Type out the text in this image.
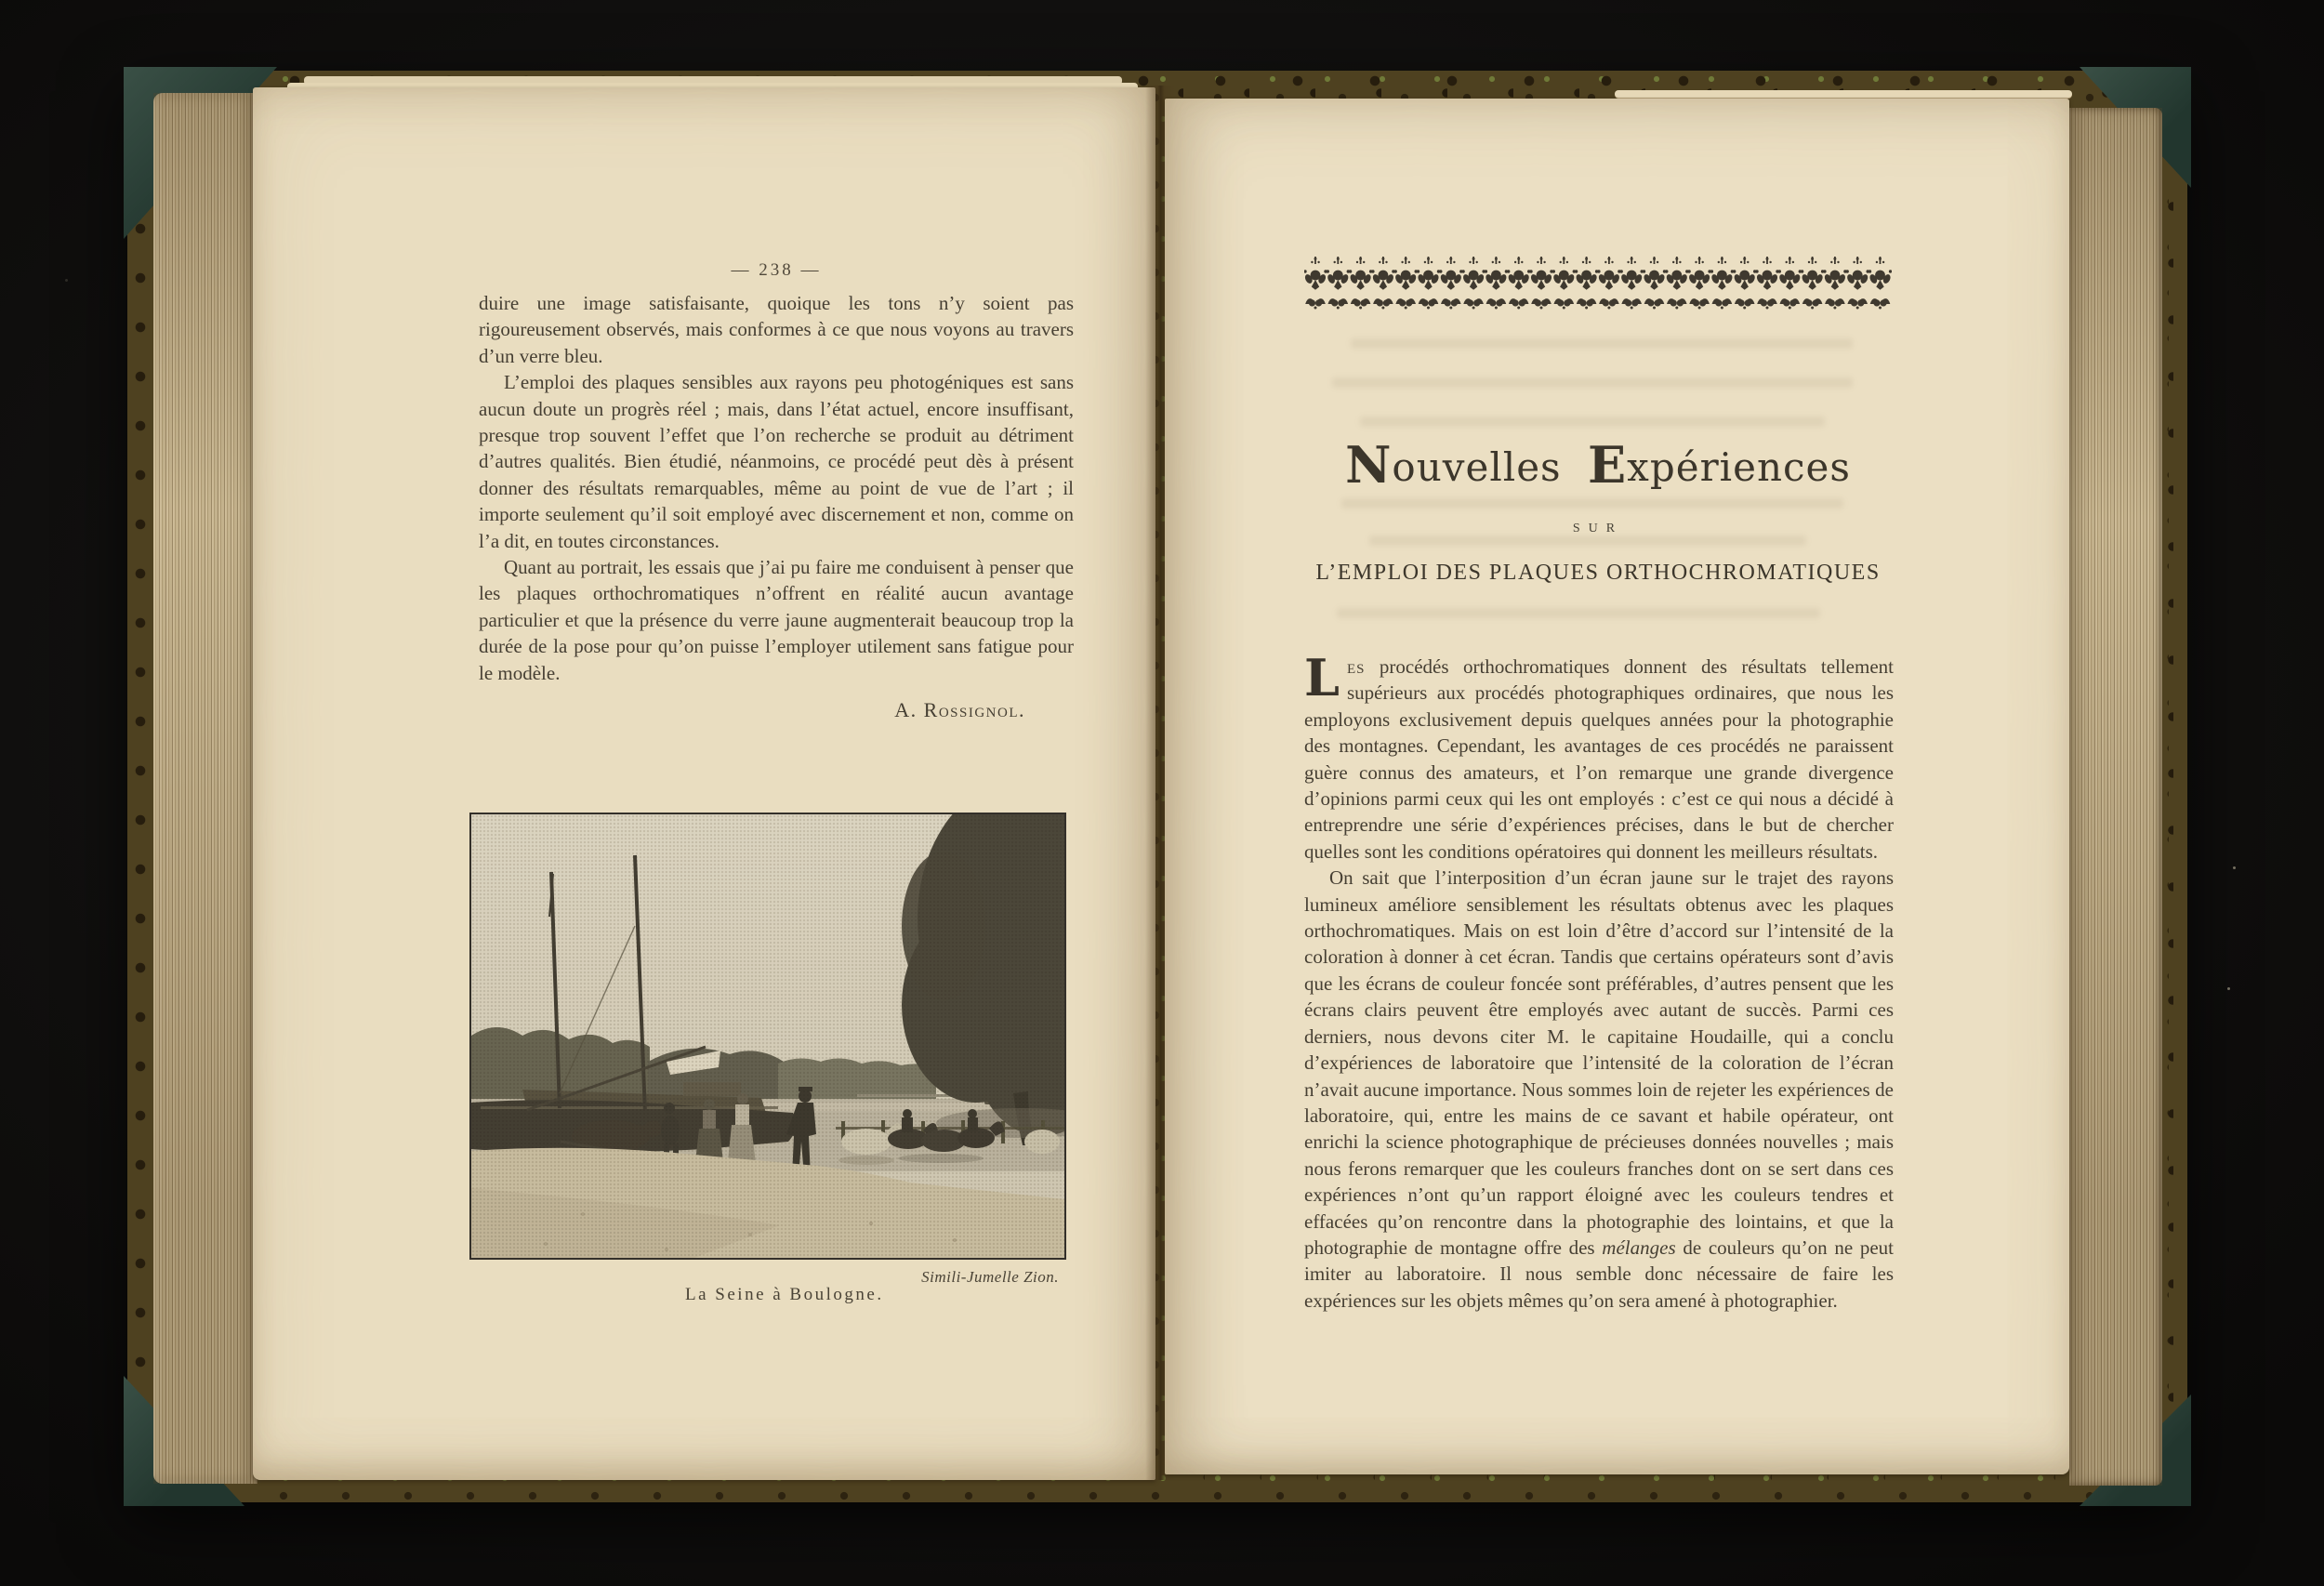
— 238 —

duire une image satisfaisante, quoique les tons n’y soient pas rigoureusement observés, mais conformes à ce que nous voyons au travers d’un verre bleu.

L’emploi des plaques sensibles aux rayons peu photogéniques est sans aucun doute un progrès réel ; mais, dans l’état actuel, encore insuffisant, presque trop souvent l’effet que l’on recherche se produit au détriment d’autres qualités. Bien étudié, néanmoins, ce procédé peut dès à présent donner des résultats remarquables, même au point de vue de l’art ; il importe seulement qu’il soit employé avec discernement et non, comme on l’a dit, en toutes circonstances.

Quant au portrait, les essais que j’ai pu faire me conduisent à penser que les plaques orthochromatiques n’offrent en réalité aucun avantage particulier et que la présence du verre jaune augmenterait beaucoup trop la durée de la pose pour qu’on puisse l’employer utilement sans fatigue pour le modèle.

A. Rossignol.
La Seine à Boulogne.
Simili-Jumelle Zion.
Nouvelles Expériences
SUR
L’EMPLOI DES PLAQUES ORTHOCHROMATIQUES

Les procédés orthochromatiques donnent des résultats tellement supérieurs aux procédés photographiques ordinaires, que nous les employons exclusivement depuis quelques années pour la photographie des montagnes. Cependant, les avantages de ces procédés ne paraissent guère connus des amateurs, et l’on remarque une grande divergence d’opinions parmi ceux qui les ont employés : c’est ce qui nous a décidé à entreprendre une série d’expériences précises, dans le but de chercher quelles sont les conditions opératoires qui donnent les meilleurs résultats.

On sait que l’interposition d’un écran jaune sur le trajet des rayons lumineux améliore sensiblement les résultats obtenus avec les plaques orthochromatiques. Mais on est loin d’être d’accord sur l’intensité de la coloration à donner à cet écran. Tandis que certains opérateurs sont d’avis que les écrans de couleur foncée sont préférables, d’autres pensent que les écrans clairs peuvent être employés avec autant de succès. Parmi ces derniers, nous devons citer M. le capitaine Houdaille, qui a conclu d’expériences de laboratoire que l’intensité de la coloration de l’écran n’avait aucune importance. Nous sommes loin de rejeter les expériences de laboratoire, qui, entre les mains de ce savant et habile opérateur, ont enrichi la science photographique de précieuses données nouvelles ; mais nous ferons remarquer que les couleurs franches dont on se sert dans ces expériences n’ont qu’un rapport éloigné avec les couleurs tendres et effacées qu’on rencontre dans la photographie des lointains, et que la photographie de montagne offre des mélanges de couleurs qu’on ne peut imiter au laboratoire. Il nous semble donc nécessaire de faire les expériences sur les objets mêmes qu’on sera amené à photographier.
